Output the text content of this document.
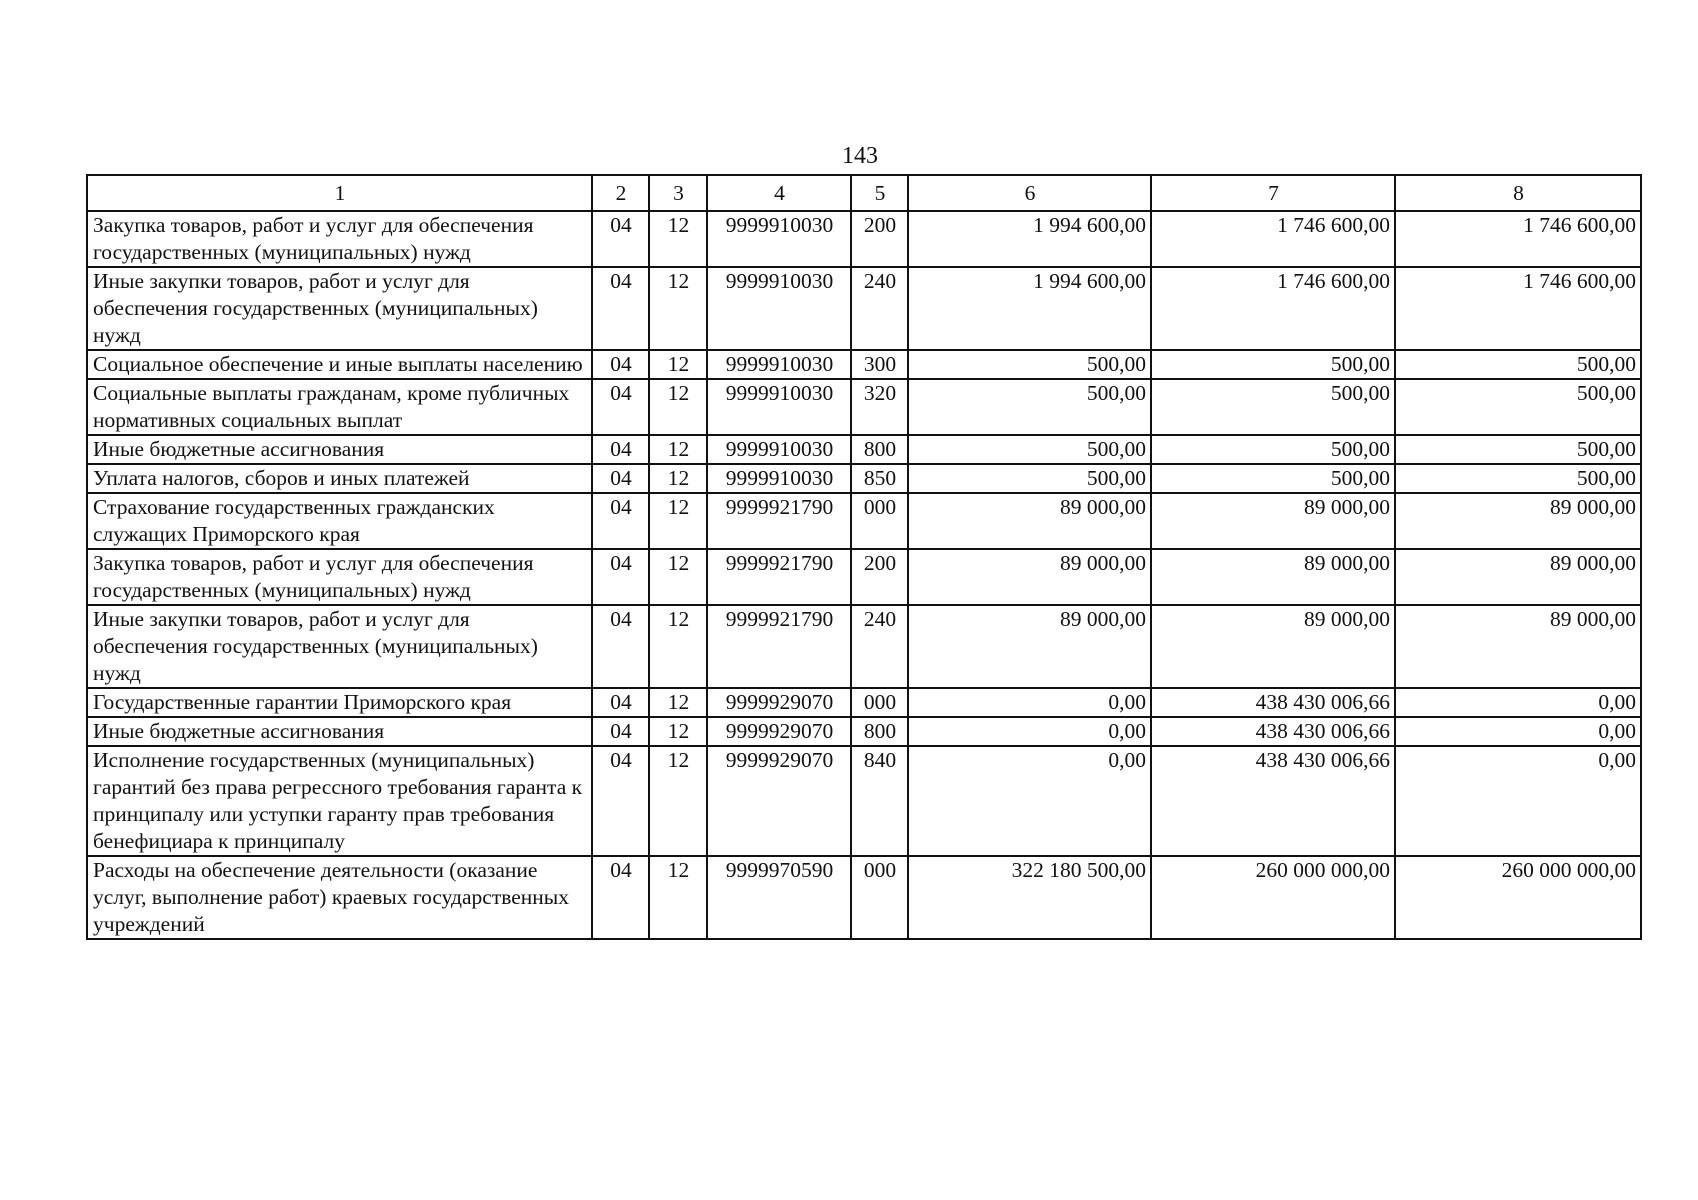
143
1	2	3	4	5	6	7	8
Закупка товаров, работ и услуг для обеспечения государственных (муниципальных) нужд	04	12	9999910030	200	1 994 600,00	1 746 600,00	1 746 600,00
Иные закупки товаров, работ и услуг для обеспечения государственных (муниципальных) нужд	04	12	9999910030	240	1 994 600,00	1 746 600,00	1 746 600,00
Социальное обеспечение и иные выплаты населению	04	12	9999910030	300	500,00	500,00	500,00
Социальные выплаты гражданам, кроме публичных нормативных социальных выплат	04	12	9999910030	320	500,00	500,00	500,00
Иные бюджетные ассигнования	04	12	9999910030	800	500,00	500,00	500,00
Уплата налогов, сборов и иных платежей	04	12	9999910030	850	500,00	500,00	500,00
Страхование государственных гражданских служащих Приморского края	04	12	9999921790	000	89 000,00	89 000,00	89 000,00
Закупка товаров, работ и услуг для обеспечения государственных (муниципальных) нужд	04	12	9999921790	200	89 000,00	89 000,00	89 000,00
Иные закупки товаров, работ и услуг для обеспечения государственных (муниципальных) нужд	04	12	9999921790	240	89 000,00	89 000,00	89 000,00
Государственные гарантии Приморского края	04	12	9999929070	000	0,00	438 430 006,66	0,00
Иные бюджетные ассигнования	04	12	9999929070	800	0,00	438 430 006,66	0,00
Исполнение государственных (муниципальных) гарантий без права регрессного требования гаранта к принципалу или уступки гаранту прав требования бенефициара к принципалу	04	12	9999929070	840	0,00	438 430 006,66	0,00
Расходы на обеспечение деятельности (оказание услуг, выполнение работ) краевых государственных учреждений	04	12	9999970590	000	322 180 500,00	260 000 000,00	260 000 000,00
